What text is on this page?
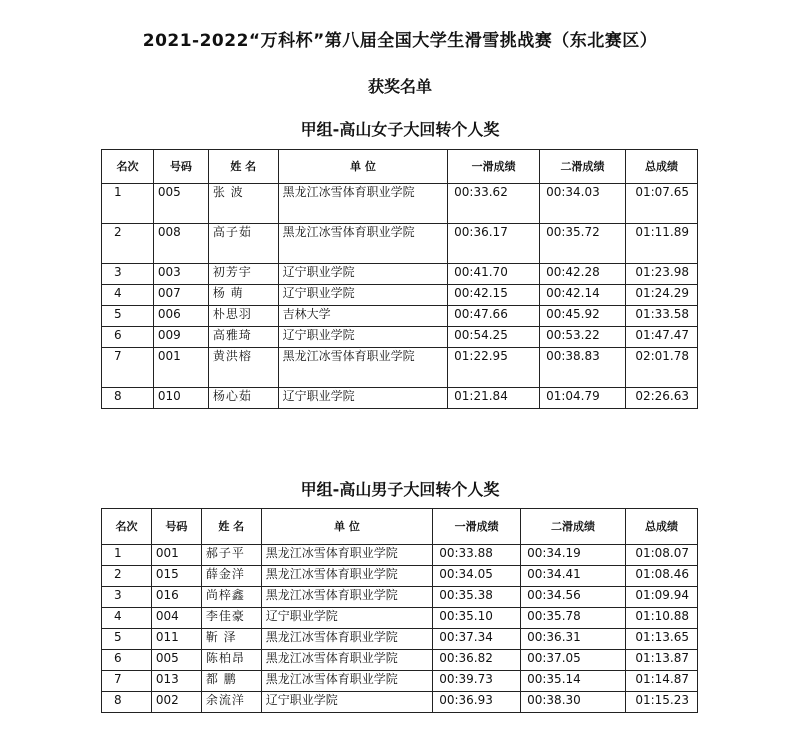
2021-2022“万科杯”第八届全国大学生滑雪挑战赛（东北赛区）
获奖名单
甲组-高山女子大回转个人奖
名次	号码	姓 名	单 位	一滑成绩	二滑成绩	总成绩
1	005	张 波	黑龙江冰雪体育职业学院	00:33.62	00:34.03	01:07.65
2	008	高子茹	黑龙江冰雪体育职业学院	00:36.17	00:35.72	01:11.89
3	003	初芳宇	辽宁职业学院	00:41.70	00:42.28	01:23.98
4	007	杨 萌	辽宁职业学院	00:42.15	00:42.14	01:24.29
5	006	朴思羽	吉林大学	00:47.66	00:45.92	01:33.58
6	009	高雅琦	辽宁职业学院	00:54.25	00:53.22	01:47.47
7	001	黄洪榕	黑龙江冰雪体育职业学院	01:22.95	00:38.83	02:01.78
8	010	杨心茹	辽宁职业学院	01:21.84	01:04.79	02:26.63
甲组-高山男子大回转个人奖
名次	号码	姓 名	单 位	一滑成绩	二滑成绩	总成绩
1	001	郝子平	黑龙江冰雪体育职业学院	00:33.88	00:34.19	01:08.07
2	015	薛金洋	黑龙江冰雪体育职业学院	00:34.05	00:34.41	01:08.46
3	016	尚梓鑫	黑龙江冰雪体育职业学院	00:35.38	00:34.56	01:09.94
4	004	李佳豪	辽宁职业学院	00:35.10	00:35.78	01:10.88
5	011	靳 泽	黑龙江冰雪体育职业学院	00:37.34	00:36.31	01:13.65
6	005	陈柏昂	黑龙江冰雪体育职业学院	00:36.82	00:37.05	01:13.87
7	013	都 鹏	黑龙江冰雪体育职业学院	00:39.73	00:35.14	01:14.87
8	002	余流洋	辽宁职业学院	00:36.93	00:38.30	01:15.23
